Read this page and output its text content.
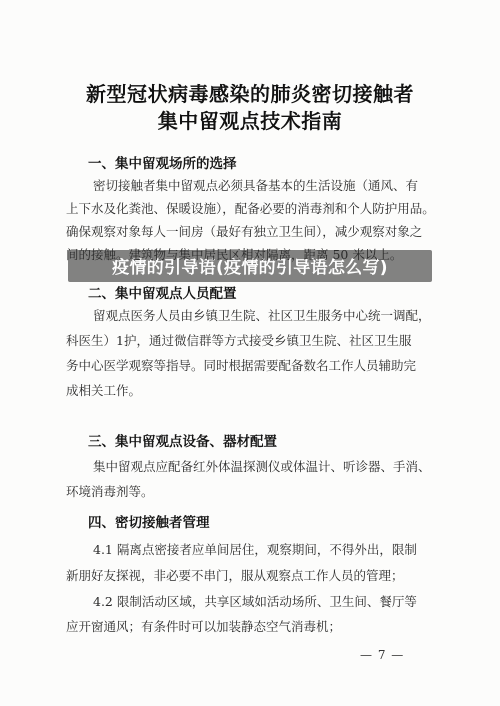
新型冠状病毒感染的肺炎密切接触者
集中留观点技术指南
一、集中留观场所的选择
密切接触者集中留观点必须具备基本的生活设施（通风、有
上下水及化粪池、保暖设施），配备必要的消毒剂和个人防护用品。
确保观察对象每人一间房（最好有独立卫生间），减少观察对象之
疫情的引导语(疫情的引导语怎么写)
— 7 —
间的接触。建筑物与集中居民区相对隔离，距离 50 米以上。
二、集中留观点人员配置
留观点医务人员由乡镇卫生院、社区卫生服务中心统一调配，
科医生）1护，通过微信群等方式接受乡镇卫生院、社区卫生服
务中心医学观察等指导。同时根据需要配备数名工作人员辅助完
成相关工作。
三、集中留观点设备、器材配置
集中留观点应配备红外体温探测仪或体温计、听诊器、手消、
环境消毒剂等。
四、密切接触者管理
4.1 隔离点密接者应单间居住，观察期间，不得外出，限制
新朋好友探视，非必要不串门，服从观察点工作人员的管理；
4.2 限制活动区域，共享区域如活动场所、卫生间、餐厅等
应开窗通风；有条件时可以加装静态空气消毒机；
